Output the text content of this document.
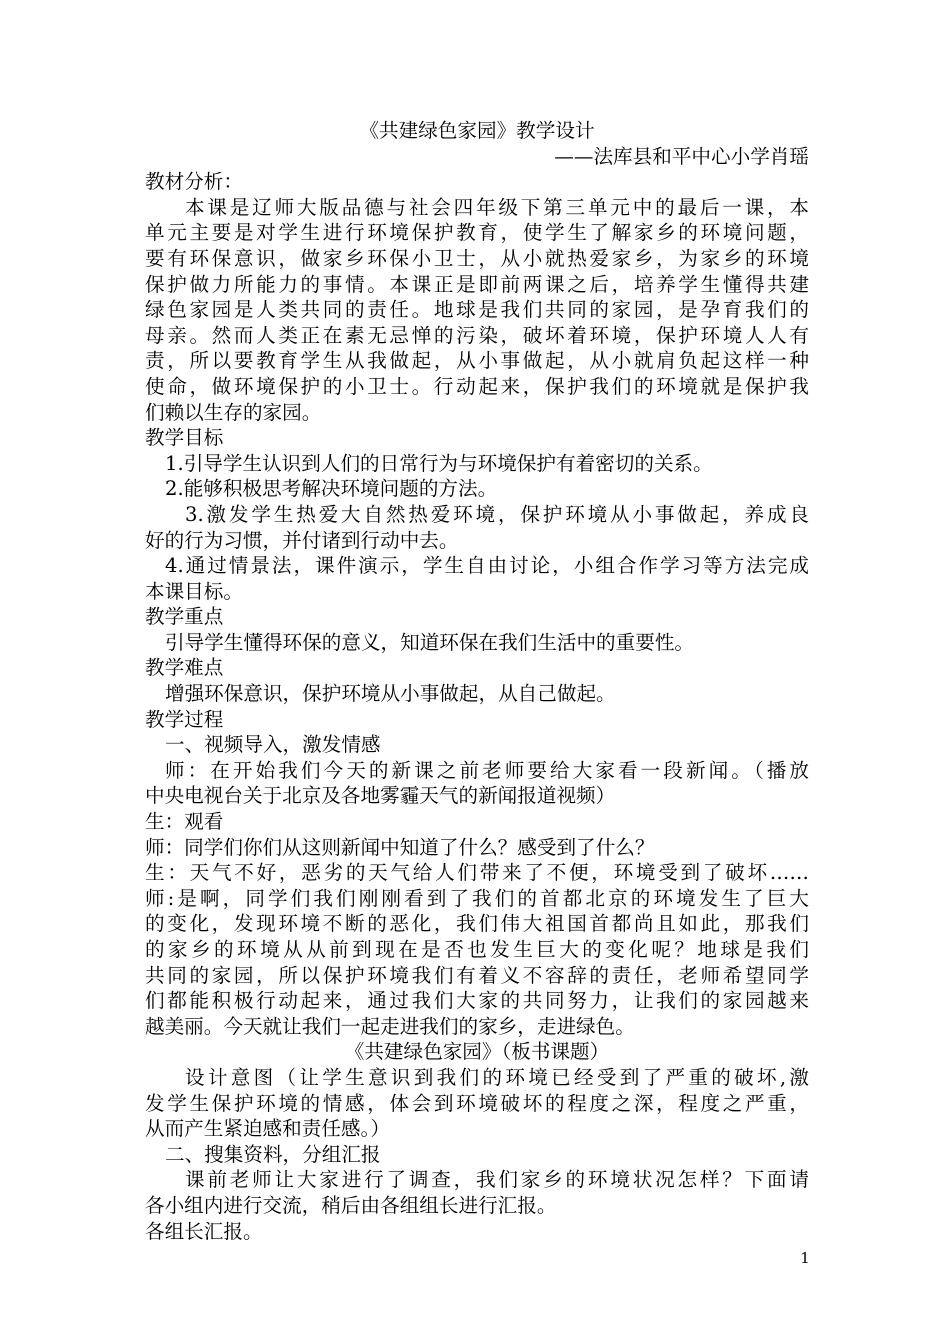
《共建绿色家园》教学设计
——法库县和平中心小学肖瑶
教材分析：
本课是辽师大版品德与社会四年级下第三单元中的最后一课，本
单元主要是对学生进行环境保护教育，使学生了解家乡的环境问题，
要有环保意识，做家乡环保小卫士，从小就热爱家乡，为家乡的环境
保护做力所能力的事情。本课正是即前两课之后，培养学生懂得共建
绿色家园是人类共同的责任。地球是我们共同的家园，是孕育我们的
母亲。然而人类正在素无忌惮的污染，破坏着环境，保护环境人人有
责，所以要教育学生从我做起，从小事做起，从小就肩负起这样一种
使命，做环境保护的小卫士。行动起来，保护我们的环境就是保护我
们赖以生存的家园。
教学目标
1.引导学生认识到人们的日常行为与环境保护有着密切的关系。
2.能够积极思考解决环境问题的方法。
3.激发学生热爱大自然热爱环境，保护环境从小事做起，养成良
好的行为习惯，并付诸到行动中去。
4.通过情景法，课件演示，学生自由讨论，小组合作学习等方法完成
本课目标。
教学重点
引导学生懂得环保的意义，知道环保在我们生活中的重要性。
教学难点
增强环保意识，保护环境从小事做起，从自己做起。
教学过程
一、视频导入，激发情感
师：在开始我们今天的新课之前老师要给大家看一段新闻。（播放
中央电视台关于北京及各地雾霾天气的新闻报道视频）
生：观看
师：同学们你们从这则新闻中知道了什么？感受到了什么？
生：天气不好，恶劣的天气给人们带来了不便，环境受到了破坏……
师:是啊，同学们我们刚刚看到了我们的首都北京的环境发生了巨大
的变化，发现环境不断的恶化，我们伟大祖国首都尚且如此，那我们
的家乡的环境从从前到现在是否也发生巨大的变化呢？地球是我们
共同的家园，所以保护环境我们有着义不容辞的责任，老师希望同学
们都能积极行动起来，通过我们大家的共同努力，让我们的家园越来
越美丽。今天就让我们一起走进我们的家乡，走进绿色。
《共建绿色家园》（板书课题）
设计意图（让学生意识到我们的环境已经受到了严重的破坏,激
发学生保护环境的情感，体会到环境破坏的程度之深，程度之严重，
从而产生紧迫感和责任感。）
二、搜集资料，分组汇报
课前老师让大家进行了调查，我们家乡的环境状况怎样？下面请
各小组内进行交流，稍后由各组组长进行汇报。
各组长汇报。
1
